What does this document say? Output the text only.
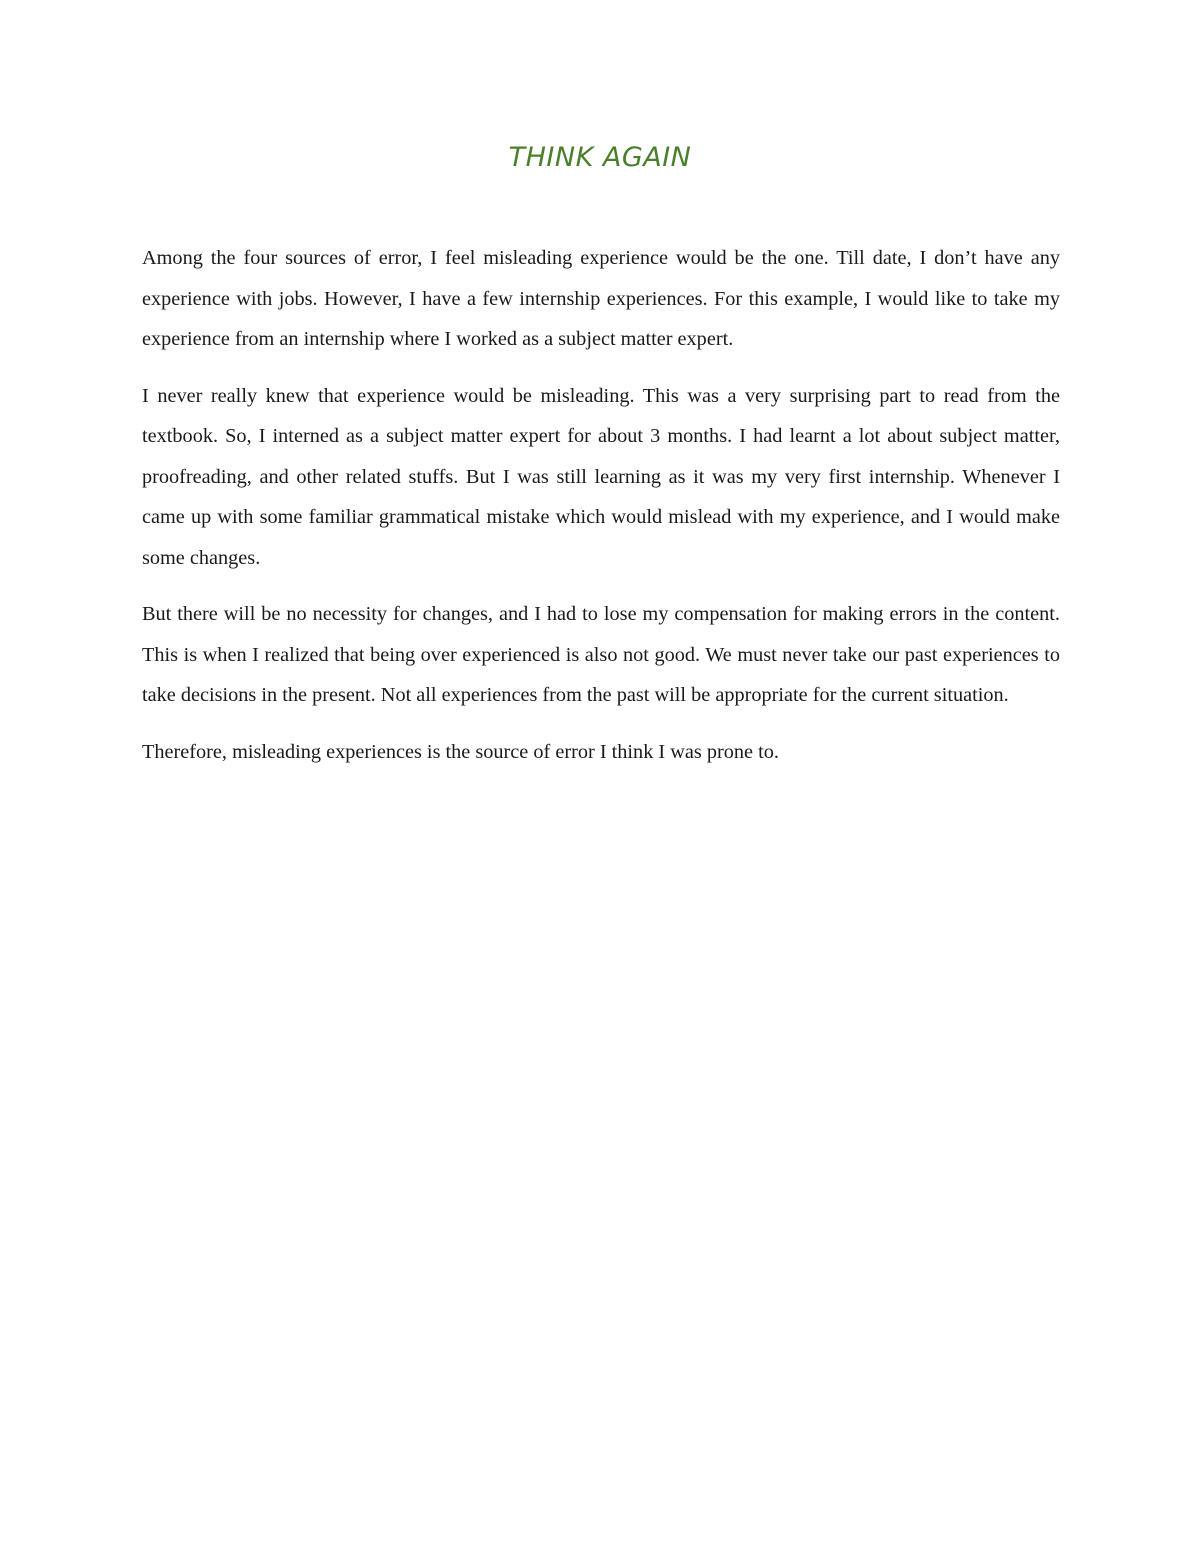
THINK AGAIN

Among the four sources of error, I feel misleading experience would be the one. Till date, I don’t have any experience with jobs. However, I have a few internship experiences. For this example, I would like to take my experience from an internship where I worked as a subject matter expert.

I never really knew that experience would be misleading. This was a very surprising part to read from the textbook. So, I interned as a subject matter expert for about 3 months. I had learnt a lot about subject matter, proofreading, and other related stuffs. But I was still learning as it was my very first internship. Whenever I came up with some familiar grammatical mistake which would mislead with my experience, and I would make some changes.

But there will be no necessity for changes, and I had to lose my compensation for making errors in the content. This is when I realized that being over experienced is also not good. We must never take our past experiences to take decisions in the present. Not all experiences from the past will be appropriate for the current situation.

Therefore, misleading experiences is the source of error I think I was prone to.
